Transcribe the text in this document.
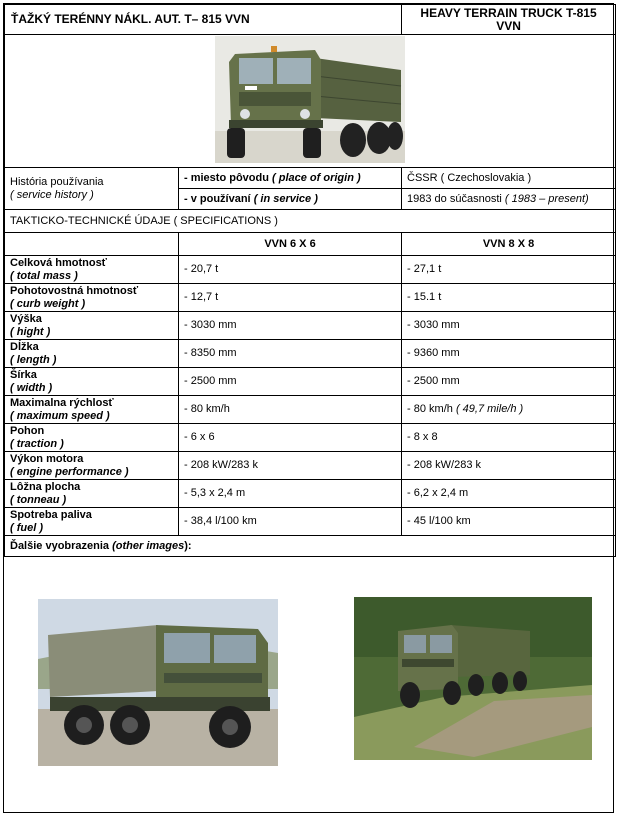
ŤAŽKÝ TERÉNNY NÁKL. AUT. T– 815 VVN		HEAVY TERRAIN TRUCK T-815 VVN

História používania
( service history )	- miesto pôvodu ( place of origin )	ČSSR ( Czechoslovakia )
	- v používaní ( in service )	1983 do súčasnosti ( 1983 – present)
TAKTICKO-TECHNICKÉ ÚDAJE ( SPECIFICATIONS )		
	VVN 6 X 6	VVN 8 X 8

Celková hmotnosť
( total mass )	- 20,7 t	- 27,1 t

Pohotovostná hmotnosť
( curb weight )	- 12,7 t	- 15.1 t

Výška
( hight )	- 3030 mm	- 3030 mm

Dĺžka
( length )	- 8350 mm	- 9360 mm

Šírka
( width )	- 2500 mm	- 2500 mm

Maximalna rýchlosť
( maximum speed )	- 80 km/h	- 80 km/h ( 49,7 mile/h )

Pohon
( traction )	- 6 x 6	- 8 x 8

Výkon motora
( engine performance )	- 208 kW/283 k	- 208 kW/283 k

Lôžna plocha
( tonneau )	- 5,3 x 2,4 m	- 6,2 x 2,4 m

Spotreba paliva
( fuel )	- 38,4 l/100 km	- 45 l/100 km
Ďalšie vyobrazenia (other images):		
